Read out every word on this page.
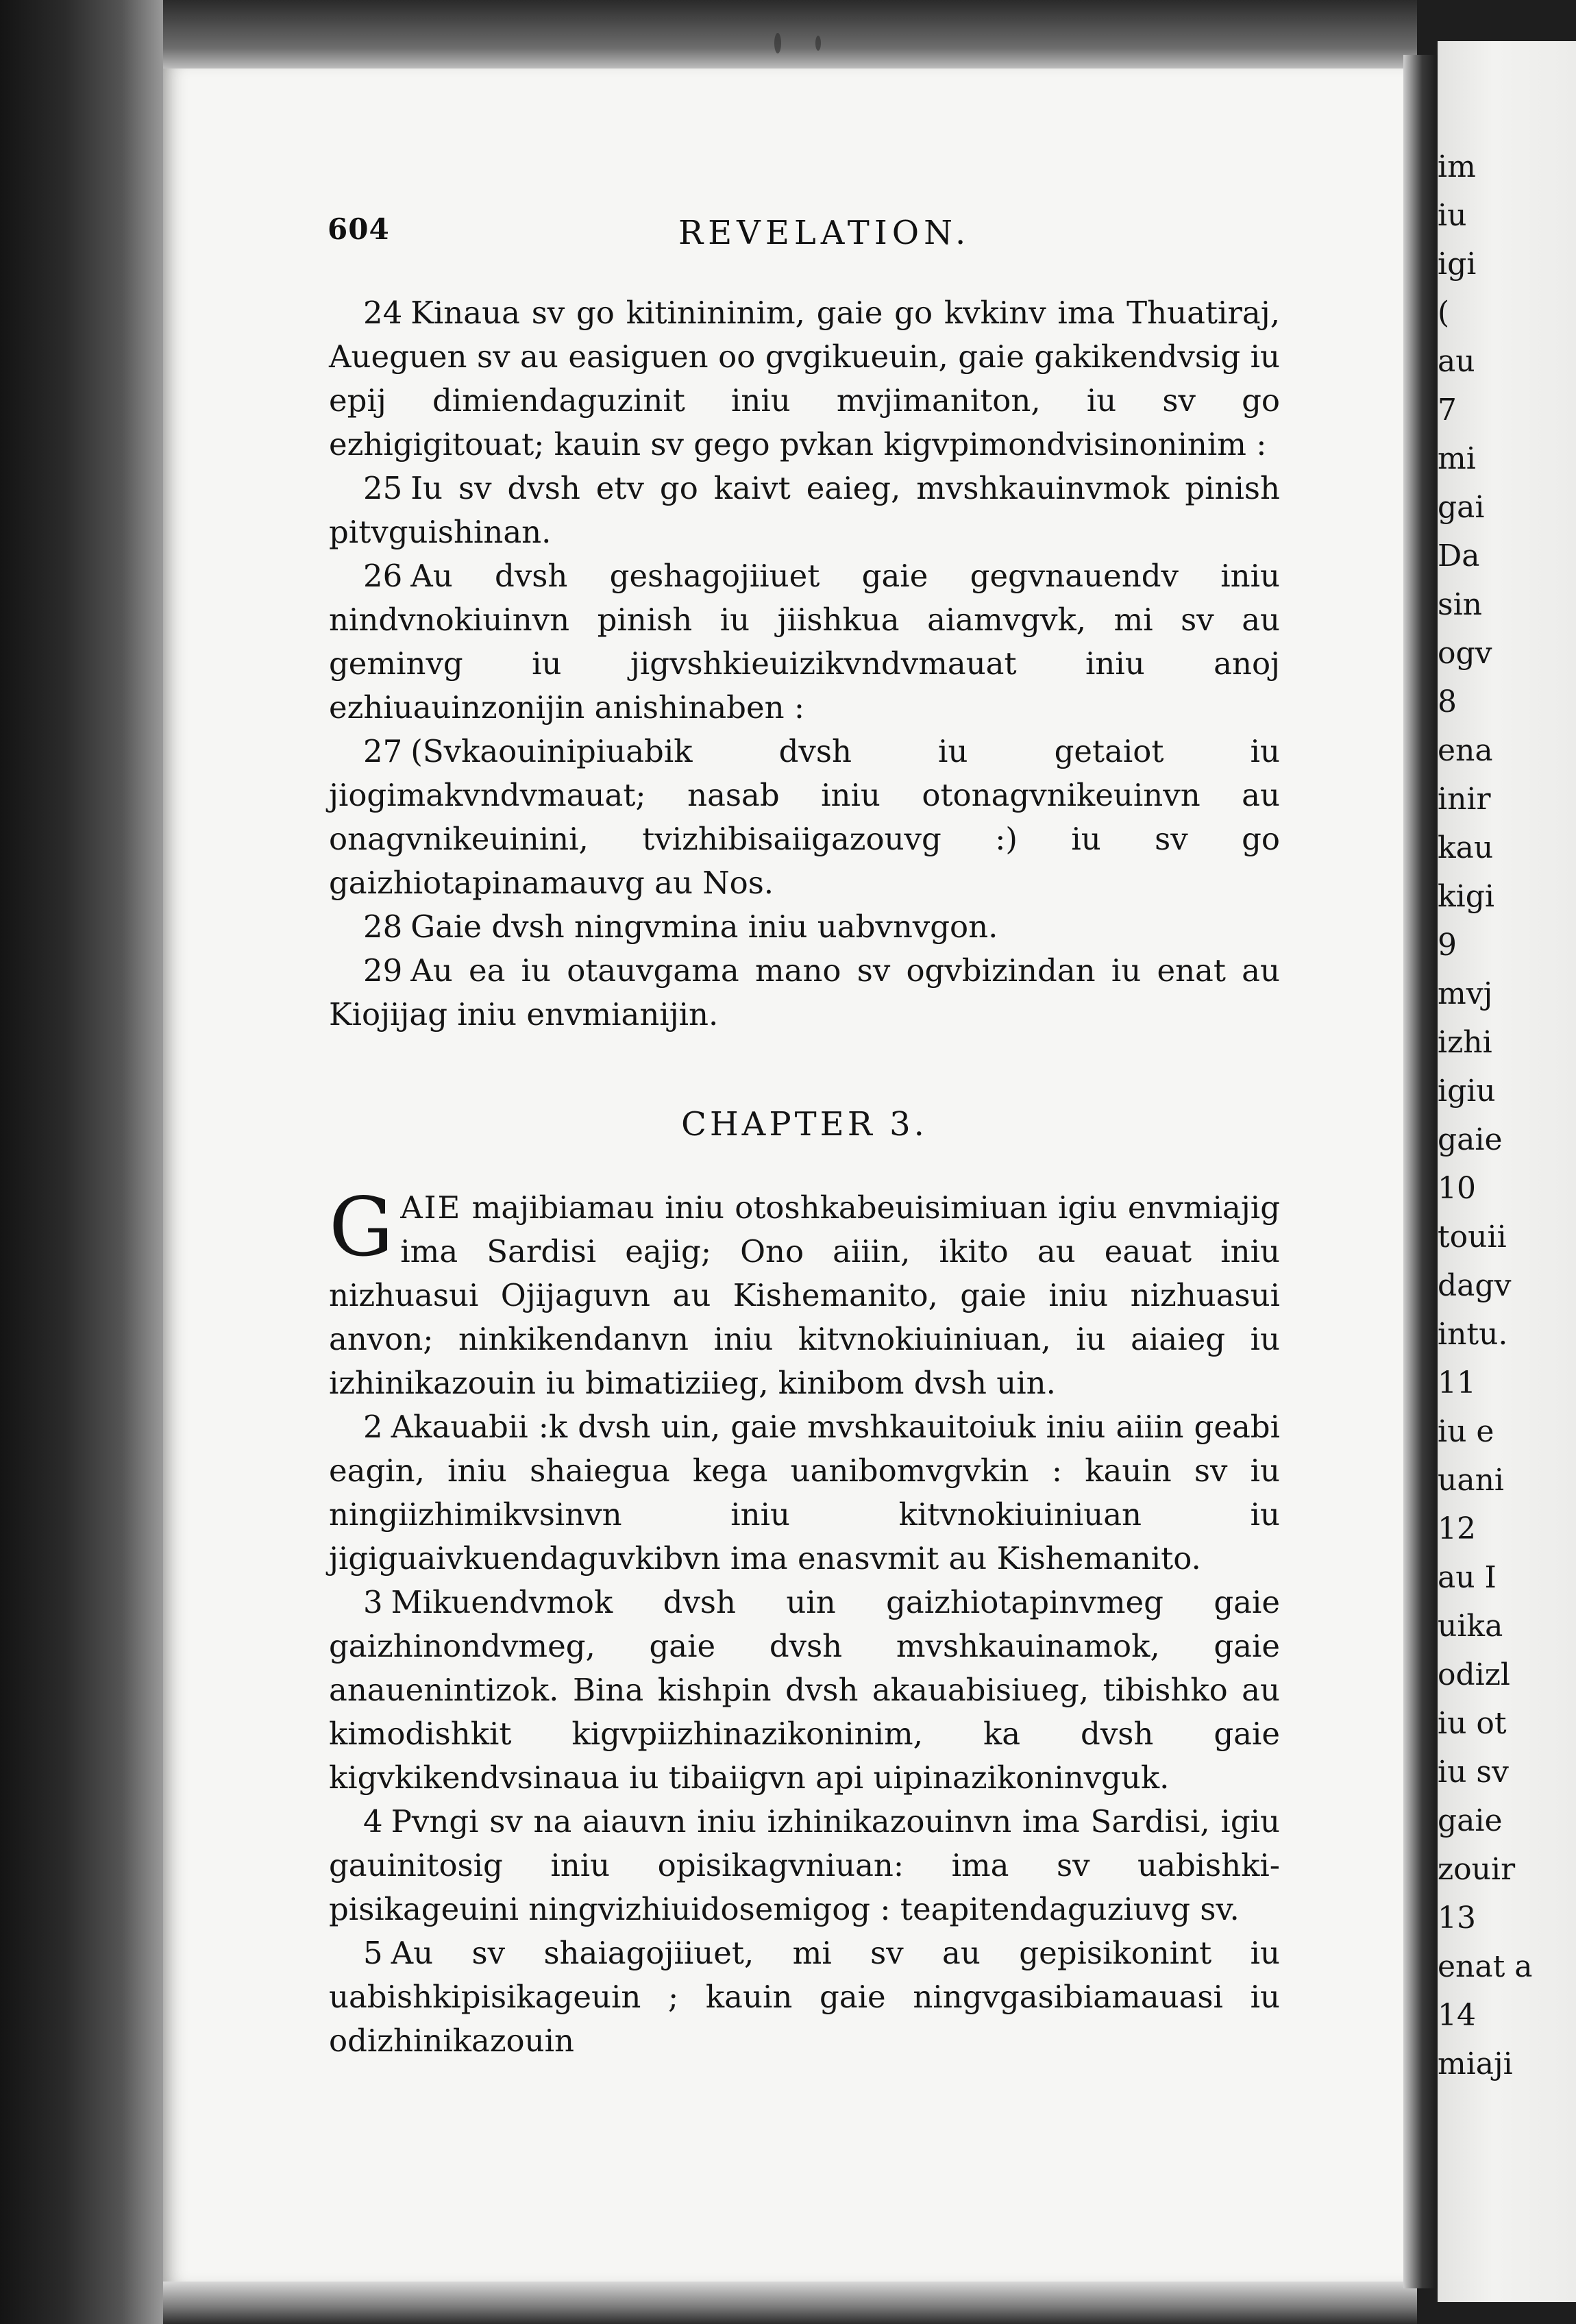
im
iu
igi
(
au
7
mi
gai
Da
sin
ogv
8
ena
inir
kau
kigi
9
mvj
izhi
igiu
gaie
10
touii
dagv
intu.
11
iu e
uani
12
au I
uika
odizl
iu ot
iu sv
gaie
zouir
13
enat a
14
miaji
604	REVELATION.

24 Kinaua sv go kitinininim, gaie go kvkinv ima Thuatiraj, Aueguen sv au easiguen oo gvgikueuin, gaie gakikendvsig iu epij dimiendaguzinit iniu mvjimaniton, iu sv go ezhigigitouat; kauin sv gego pvkan kigvpimondvisinoninim :

25 Iu sv dvsh etv go kaivt eaieg, mvshkauinvmok pinish pitvguishinan.

26 Au dvsh geshagojiiuet gaie gegvnauendv iniu nindvnokiuinvn pinish iu jiishkua aiamvgvk, mi sv au geminvg iu jigvshkieuizikvndvmauat iniu anoj ezhiuauinzonijin anishinaben :

27 (Svkaouinipiuabik dvsh iu getaiot iu jiogimakvndvmauat; nasab iniu otonagvnikeuinvn au onagvnikeuinini, tvizhibisaiigazouvg :) iu sv go gaizhiotapinamauvg au Nos.

28 Gaie dvsh ningvmina iniu uabvnvgon.

29 Au ea iu otauvgama mano sv ogvbizindan iu enat au Kiojijag iniu envmianijin.

CHAPTER 3.

GAIE majibiamau iniu otoshkabeuisimiuan igiu envmiajig ima Sardisi eajig; Ono aiiin, ikito au eauat iniu nizhuasui Ojijaguvn au Kishemanito, gaie iniu nizhuasui anvon; ninkikendanvn iniu kitvnokiuiniuan, iu aiaieg iu izhinikazouin iu bimatiziieg, kinibom dvsh uin.

2 Akauabii :k dvsh uin, gaie mvshkauitoiuk iniu aiiin geabi eagin, iniu shaiegua kega uanibomvgvkin : kauin sv iu ningiizhimikvsinvn iniu kitvnokiuiniuan iu jigiguaivkuendaguvkibvn ima enasvmit au Kishemanito.

3 Mikuendvmok dvsh uin gaizhiotapinvmeg gaie gaizhinondvmeg, gaie dvsh mvshkauinamok, gaie anauenintizok. Bina kishpin dvsh akauabisiueg, tibishko au kimodishkit kigvpiizhinazikoninim, ka dvsh gaie kigvkikendvsinaua iu tibaiigvn api uipinazikoninvguk.

4 Pvngi sv na aiauvn iniu izhinikazouinvn ima Sardisi, igiu gauinitosig iniu opisikagvniuan: ima sv uabishki-pisikageuini ningvizhiuidosemigog : teapitendaguziuvg sv.

5 Au sv shaiagojiiuet, mi sv au gepisikonint iu uabishkipisikageuin ; kauin gaie ningvgasibiamauasi iu odizhinikazouin
